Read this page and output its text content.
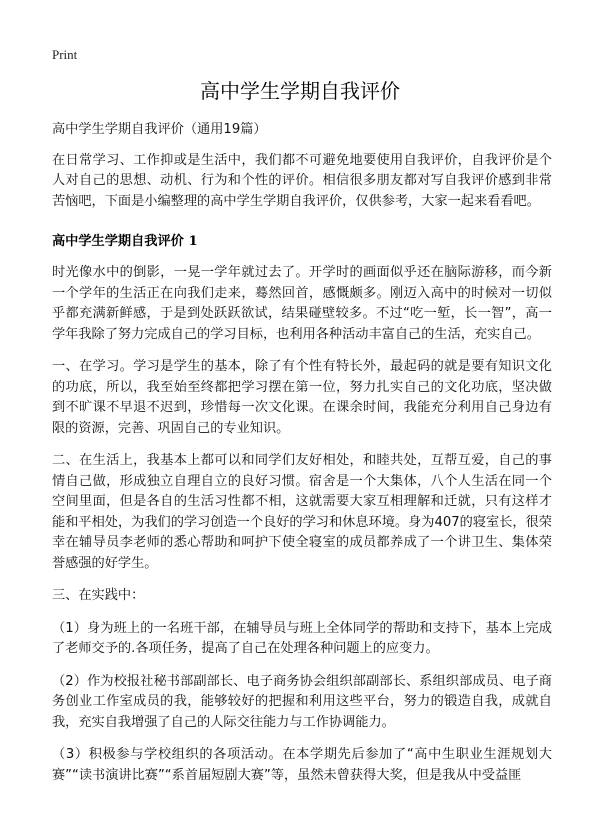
Print
高中学生学期自我评价

高中学生学期自我评价（通用19篇）

在日常学习、工作抑或是生活中，我们都不可避免地要使用自我评价，自我评价是个人对自己的思想、动机、行为和个性的评价。相信很多朋友都对写自我评价感到非常苦恼吧，下面是小编整理的高中学生学期自我评价，仅供参考，大家一起来看看吧。

高中学生学期自我评价 1

时光像水中的倒影，一晃一学年就过去了。开学时的画面似乎还在脑际游移，而今新一个学年的生活正在向我们走来，蓦然回首，感慨颇多。刚迈入高中的时候对一切似乎都充满新鲜感，于是到处跃跃欲试，结果碰壁较多。不过“吃一堑，长一智”，高一学年我除了努力完成自己的学习目标，也利用各种活动丰富自己的生活，充实自己。

一、在学习。学习是学生的基本，除了有个性有特长外，最起码的就是要有知识文化的功底，所以，我至始至终都把学习摆在第一位，努力扎实自己的文化功底，坚决做到不旷课不早退不迟到，珍惜每一次文化课。在课余时间，我能充分利用自己身边有限的资源，完善、巩固自己的专业知识。

二、在生活上，我基本上都可以和同学们友好相处，和睦共处，互帮互爱，自己的事情自己做，形成独立自理自立的良好习惯。宿舍是一个大集体，八个人生活在同一个空间里面，但是各自的生活习性都不相，这就需要大家互相理解和迁就，只有这样才能和平相处，为我们的学习创造一个良好的学习和休息环境。身为407的寝室长，很荣幸在辅导员李老师的悉心帮助和呵护下使全寝室的成员都养成了一个讲卫生、集体荣誉感强的好学生。

三、在实践中：

（1）身为班上的一名班干部，在辅导员与班上全体同学的帮助和支持下，基本上完成了老师交予的.各项任务，提高了自己在处理各种问题上的应变力。

（2）作为校报社秘书部副部长、电子商务协会组织部副部长、系组织部成员、电子商务创业工作室成员的我，能够较好的把握和利用这些平台，努力的锻造自我，成就自我，充实自我增强了自己的人际交往能力与工作协调能力。

（3）积极参与学校组织的各项活动。在本学期先后参加了“高中生职业生涯规划大赛”“读书演讲比赛”“系首届短剧大赛”等，虽然未曾获得大奖，但是我从中受益匪
